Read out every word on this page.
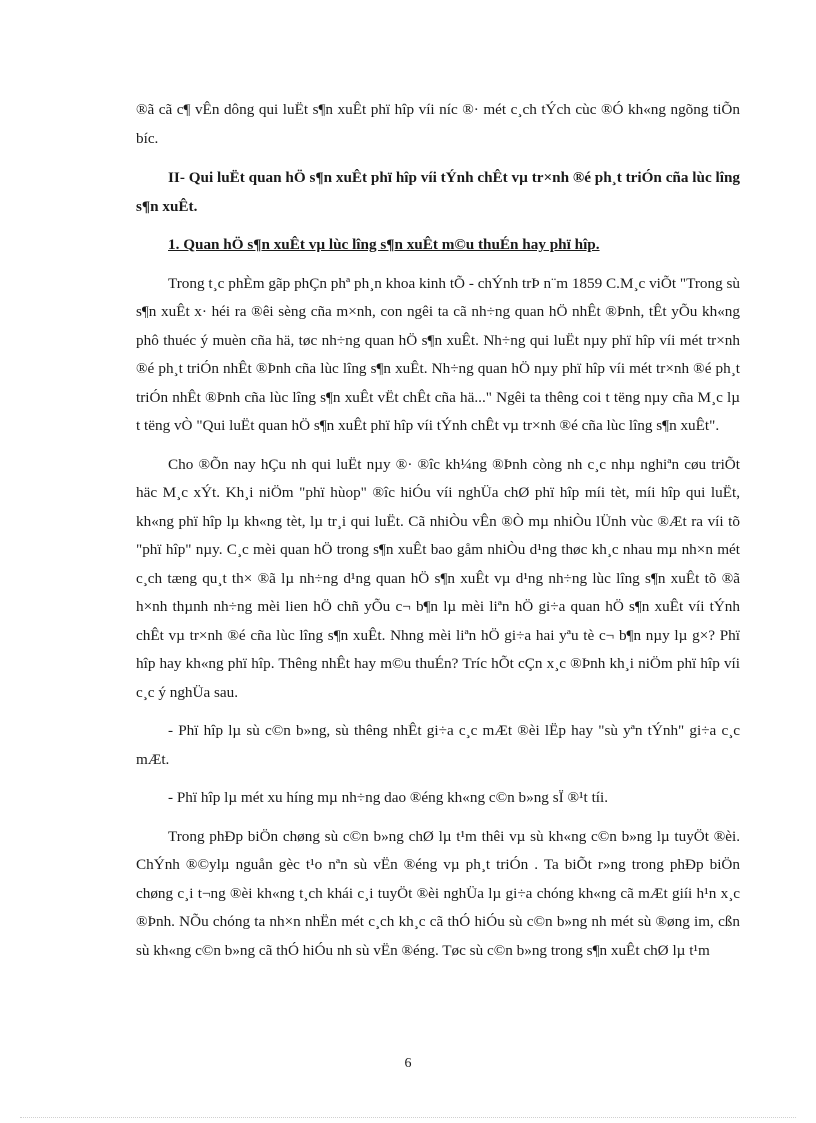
®ã cã c¶ vÊn dông qui luËt s¶n xuÊt phï hîp víi níc ®· mét c¸ch tÝch cùc ®Ó kh«ng ngõng tiÕn bíc.

II- Qui luËt quan hÖ s¶n xuÊt phï hîp víi tÝnh chÊt vµ tr×nh ®é ph¸t triÓn cña lùc lîng s¶n xuÊt.

1. Quan hÖ s¶n xuÊt vµ lùc lîng s¶n xuÊt m©u thuÉn hay phï hîp.

Trong t¸c phÈm gãp phÇn phª ph¸n khoa kinh tÕ - chÝnh trÞ n¨m 1859 C.M¸c viÕt "Trong sù s¶n xuÊt x· héi ra ®êi sèng cña m×nh, con ngêi ta cã nh÷ng quan hÖ nhÊt ®Þnh, tÊt yÕu kh«ng phô thuéc ý muèn cña hä, tøc nh÷ng quan hÖ s¶n xuÊt. Nh÷ng qui luËt nµy phï hîp víi mét tr×nh ®é ph¸t triÓn nhÊt ®Þnh cña lùc lîng s¶n xuÊt. Nh÷ng quan hÖ nµy phï hîp víi mét tr×nh ®é ph¸t triÓn nhÊt ®Þnh cña lùc lîng s¶n xuÊt vËt chÊt cña hä..." Ngêi ta thêng coi t tëng nµy cña M¸c lµ t tëng vÒ "Qui luËt quan hÖ s¶n xuÊt phï hîp víi tÝnh chÊt vµ tr×nh ®é cña lùc lîng s¶n xuÊt".

Cho ®Õn nay hÇu nh qui luËt nµy ®· ®îc kh¼ng ®Þnh còng nh c¸c nhµ nghiªn cøu triÕt häc M¸c xÝt. Kh¸i niÖm "phï hùop" ®îc hiÓu víi nghÜa chØ phï hîp míi tèt, míi hîp qui luËt, kh«ng phï hîp lµ kh«ng tèt, lµ tr¸i qui luËt. Cã nhiÒu vÊn ®Ò mµ nhiÒu lÜnh vùc ®Æt ra víi tõ "phï hîp" nµy. C¸c mèi quan hÖ trong s¶n xuÊt bao gåm nhiÒu d¹ng thøc kh¸c nhau mµ nh×n mét c¸ch tæng qu¸t th× ®ã lµ nh÷ng d¹ng quan hÖ s¶n xuÊt vµ d¹ng nh÷ng lùc lîng s¶n xuÊt tõ ®ã h×nh thµnh nh÷ng mèi lien hÖ chñ yÕu c¬ b¶n lµ mèi liªn hÖ gi÷a quan hÖ s¶n xuÊt víi tÝnh chÊt vµ tr×nh ®é cña lùc lîng s¶n xuÊt. Nhng mèi liªn hÖ gi÷a hai yªu tè c¬ b¶n nµy lµ g×? Phï hîp hay kh«ng phï hîp. Thêng nhÊt hay m©u thuÉn? Tríc hÕt cÇn x¸c ®Þnh kh¸i niÖm phï hîp víi c¸c ý nghÜa sau.

- Phï hîp lµ sù c©n b»ng, sù thêng nhÊt gi÷a c¸c mÆt ®èi lËp hay "sù yªn tÝnh" gi÷a c¸c mÆt.

- Phï hîp lµ mét xu híng mµ nh÷ng dao ®éng kh«ng c©n b»ng sÏ ®¹t tíi.

Trong phÐp biÖn chøng sù c©n b»ng chØ lµ t¹m thêi vµ sù kh«ng c©n b»ng lµ tuyÖt ®èi. ChÝnh ®©ylµ nguån gèc t¹o nªn sù vËn ®éng vµ ph¸t triÓn . Ta biÕt r»ng trong phÐp biÖn chøng c¸i t¬ng ®èi kh«ng t¸ch khái c¸i tuyÖt ®èi nghÜa lµ gi÷a chóng kh«ng cã mÆt giíi h¹n x¸c ®Þnh. NÕu chóng ta nh×n nhËn mét c¸ch kh¸c cã thÓ hiÓu sù c©n b»ng nh mét sù ®øng im, cßn sù kh«ng c©n b»ng cã thÓ hiÓu nh sù vËn ®éng. Tøc sù c©n b»ng trong s¶n xuÊt chØ lµ t¹m

6
